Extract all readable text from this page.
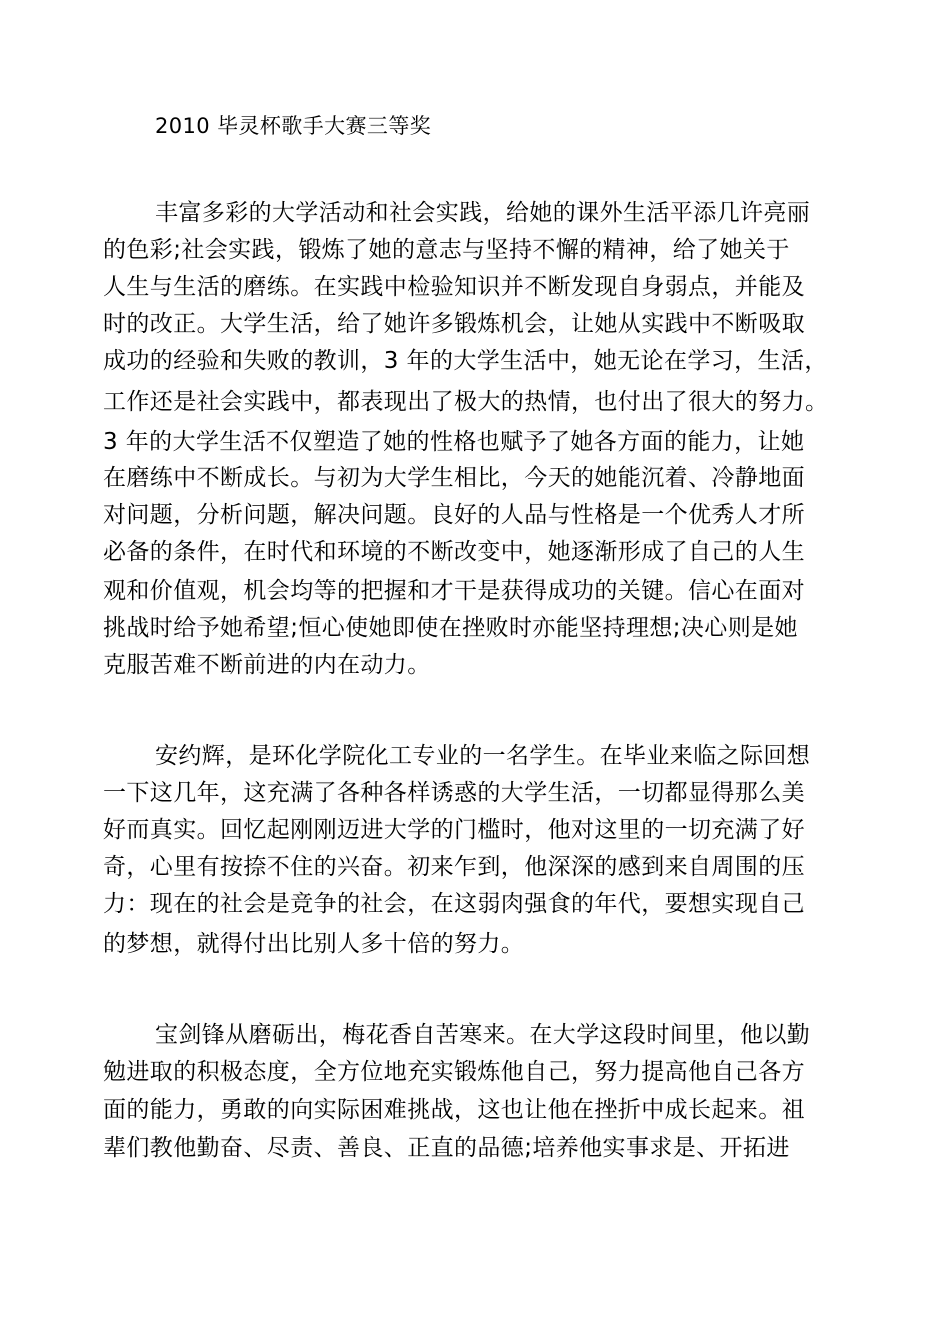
2010 毕灵杯歌手大赛三等奖
丰富多彩的大学活动和社会实践，给她的课外生活平添几许亮丽
的色彩;社会实践，锻炼了她的意志与坚持不懈的精神，给了她关于
人生与生活的磨练。在实践中检验知识并不断发现自身弱点，并能及
时的改正。大学生活，给了她许多锻炼机会，让她从实践中不断吸取
成功的经验和失败的教训，3 年的大学生活中，她无论在学习，生活，
工作还是社会实践中，都表现出了极大的热情，也付出了很大的努力。
3 年的大学生活不仅塑造了她的性格也赋予了她各方面的能力，让她
在磨练中不断成长。与初为大学生相比，今天的她能沉着、冷静地面
对问题，分析问题，解决问题。良好的人品与性格是一个优秀人才所
必备的条件，在时代和环境的不断改变中，她逐渐形成了自己的人生
观和价值观，机会均等的把握和才干是获得成功的关键。信心在面对
挑战时给予她希望;恒心使她即使在挫败时亦能坚持理想;决心则是她
克服苦难不断前进的内在动力。
安约辉，是环化学院化工专业的一名学生。在毕业来临之际回想
一下这几年，这充满了各种各样诱惑的大学生活，一切都显得那么美
好而真实。回忆起刚刚迈进大学的门槛时，他对这里的一切充满了好
奇，心里有按捺不住的兴奋。初来乍到，他深深的感到来自周围的压
力：现在的社会是竞争的社会，在这弱肉强食的年代，要想实现自己
的梦想，就得付出比别人多十倍的努力。
宝剑锋从磨砺出，梅花香自苦寒来。在大学这段时间里，他以勤
勉进取的积极态度，全方位地充实锻炼他自己，努力提高他自己各方
面的能力，勇敢的向实际困难挑战，这也让他在挫折中成长起来。祖
辈们教他勤奋、尽责、善良、正直的品德;培养他实事求是、开拓进
